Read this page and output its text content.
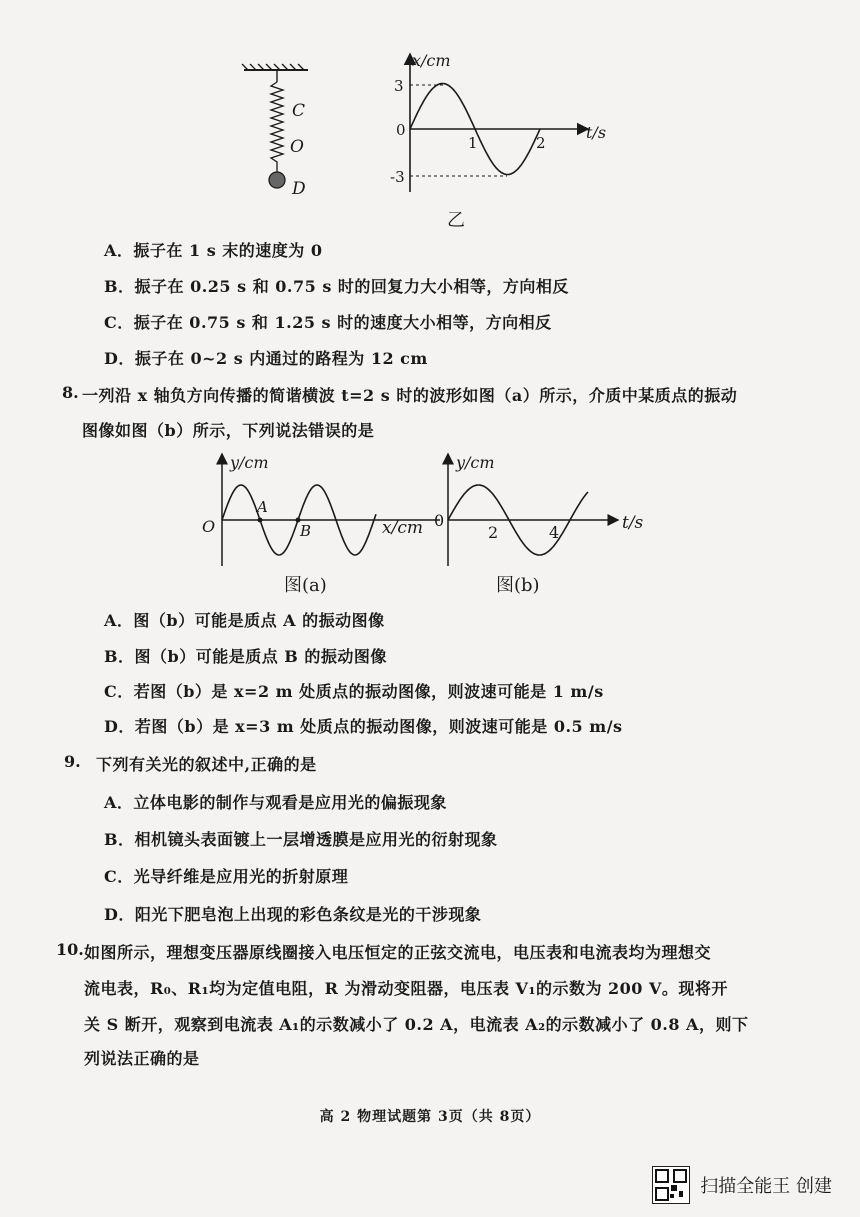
C
O
D
x/cm
t/s
3
0
-3
1	2
乙
A．振子在 1 s 末的速度为 0
B．振子在 0.25 s 和 0.75 s 时的回复力大小相等，方向相反
C．振子在 0.75 s 和 1.25 s 时的速度大小相等，方向相反
D．振子在 0~2 s 内通过的路程为 12 cm
8. 一列沿 x 轴负方向传播的简谐横波 t=2 s 时的波形如图（a）所示，介质中某质点的振动
图像如图（b）所示，下列说法错误的是
y/cm
O
A
B	x/cm
图(a)
y/cm
0
2	4	t/s
图(b)
A．图（b）可能是质点 A 的振动图像
B．图（b）可能是质点 B 的振动图像
C．若图（b）是 x=2 m 处质点的振动图像，则波速可能是 1 m/s
D．若图（b）是 x=3 m 处质点的振动图像，则波速可能是 0.5 m/s
9. 下列有关光的叙述中,正确的是
A．立体电影的制作与观看是应用光的偏振现象
B．相机镜头表面镀上一层增透膜是应用光的衍射现象
C．光导纤维是应用光的折射原理
D．阳光下肥皂泡上出现的彩色条纹是光的干涉现象
10. 如图所示，理想变压器原线圈接入电压恒定的正弦交流电，电压表和电流表均为理想交
流电表，R₀、R₁均为定值电阻，R 为滑动变阻器，电压表 V₁的示数为 200 V。现将开
关 S 断开，观察到电流表 A₁的示数减小了 0.2 A，电流表 A₂的示数减小了 0.8 A，则下
列说法正确的是
高 2 物理试题第 3页（共 8页）
扫描全能王 创建
